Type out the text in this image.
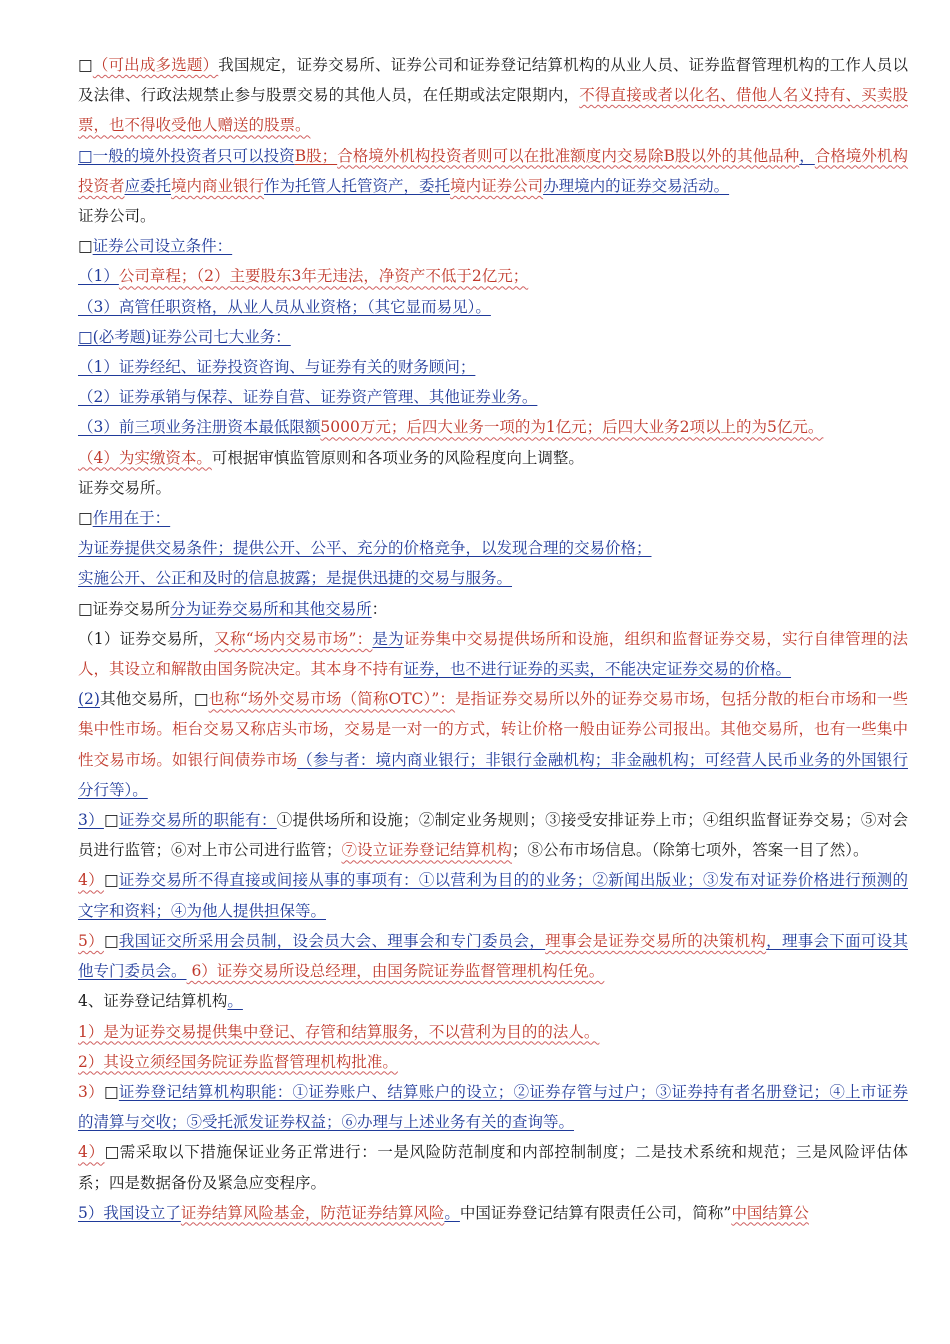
□（可出成多选题）我国规定，证券交易所、证券公司和证券登记结算机构的从业人员、证券监督管理机构的工作人员以及法律、行政法规禁止参与股票交易的其他人员，在任期或法定限期内，不得直接或者以化名、借他人名义持有、买卖股票，也不得收受他人赠送的股票。

□一般的境外投资者只可以投资B股；合格境外机构投资者则可以在批准额度内交易除B股以外的其他品种，合格境外机构投资者应委托境内商业银行作为托管人托管资产，委托境内证券公司办理境内的证券交易活动。

证券公司。

□证券公司设立条件：

（1）公司章程；（2）主要股东3年无违法，净资产不低于2亿元；

（3）高管任职资格，从业人员从业资格；（其它显而易见）。

□(必考题)证券公司七大业务：

（1）证券经纪、证券投资咨询、与证券有关的财务顾问；

（2）证券承销与保荐、证券自营、证券资产管理、其他证券业务。

（3）前三项业务注册资本最低限额5000万元；后四大业务一项的为1亿元；后四大业务2项以上的为5亿元。

（4）为实缴资本。可根据审慎监管原则和各项业务的风险程度向上调整。

证券交易所。

□作用在于：

为证券提供交易条件；提供公开、公平、充分的价格竞争，以发现合理的交易价格；

实施公开、公正和及时的信息披露；是提供迅捷的交易与服务。

□证券交易所分为证券交易所和其他交易所：

（1）证券交易所，又称“场内交易市场”：是为证券集中交易提供场所和设施，组织和监督证券交易，实行自律管理的法人，其设立和解散由国务院决定。其本身不持有证券，也不进行证券的买卖，不能决定证券交易的价格。

(2)其他交易所，□也称“场外交易市场（简称OTC）”：是指证券交易所以外的证券交易市场，包括分散的柜台市场和一些集中性市场。柜台交易又称店头市场，交易是一对一的方式，转让价格一般由证券公司报出。其他交易所，也有一些集中性交易市场。如银行间债券市场（参与者：境内商业银行；非银行金融机构；非金融机构；可经营人民币业务的外国银行分行等）。

3）□证券交易所的职能有：①提供场所和设施；②制定业务规则；③接受安排证券上市；④组织监督证券交易；⑤对会员进行监管；⑥对上市公司进行监管；⑦设立证券登记结算机构；⑧公布市场信息。（除第七项外，答案一目了然）。

4）□证券交易所不得直接或间接从事的事项有：①以营利为目的的业务；②新闻出版业；③发布对证券价格进行预测的文字和资料；④为他人提供担保等。

5）□我国证交所采用会员制，设会员大会、理事会和专门委员会，理事会是证券交易所的决策机构，理事会下面可设其他专门委员会。 6）证券交易所设总经理，由国务院证券监督管理机构任免。

4、证券登记结算机构。

1）是为证券交易提供集中登记、存管和结算服务，不以营利为目的的法人。

2）其设立须经国务院证券监督管理机构批准。

3）□证券登记结算机构职能：①证券账户、结算账户的设立；②证券存管与过户；③证券持有者名册登记；④上市证券的清算与交收；⑤受托派发证券权益；⑥办理与上述业务有关的查询等。

4）□需采取以下措施保证业务正常进行：一是风险防范制度和内部控制制度；二是技术系统和规范；三是风险评估体系；四是数据备份及紧急应变程序。

5）我国设立了证券结算风险基金，防范证券结算风险。中国证券登记结算有限责任公司，简称”中国结算公
